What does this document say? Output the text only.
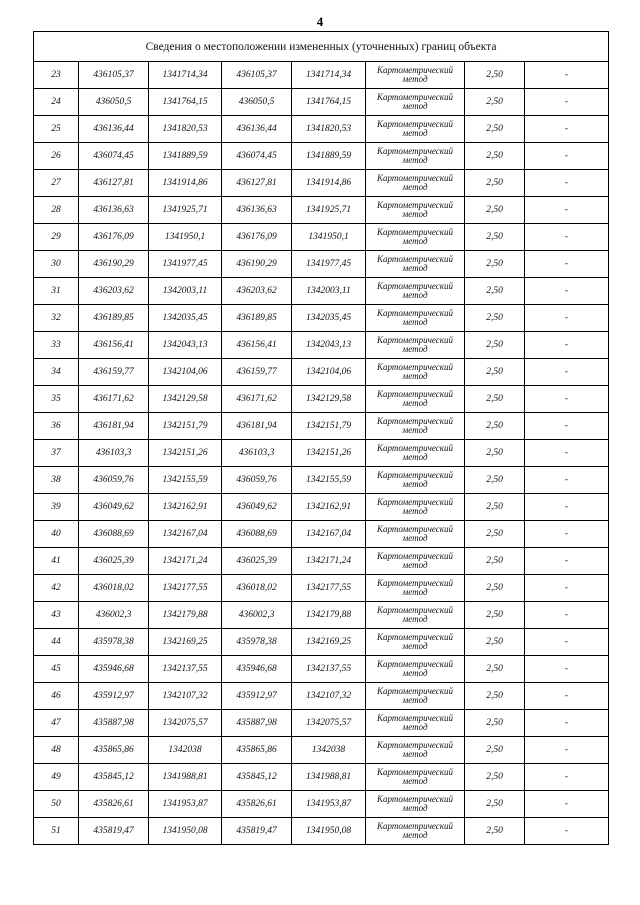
4
Сведения о местоположении измененных (уточненных) границ объекта							
23	436105,37	1341714,34	436105,37	1341714,34	Картометрический метод	2,50	-
24	436050,5	1341764,15	436050,5	1341764,15	Картометрический метод	2,50	-
25	436136,44	1341820,53	436136,44	1341820,53	Картометрический метод	2,50	-
26	436074,45	1341889,59	436074,45	1341889,59	Картометрический метод	2,50	-
27	436127,81	1341914,86	436127,81	1341914,86	Картометрический метод	2,50	-
28	436136,63	1341925,71	436136,63	1341925,71	Картометрический метод	2,50	-
29	436176,09	1341950,1	436176,09	1341950,1	Картометрический метод	2,50	-
30	436190,29	1341977,45	436190,29	1341977,45	Картометрический метод	2,50	-
31	436203,62	1342003,11	436203,62	1342003,11	Картометрический метод	2,50	-
32	436189,85	1342035,45	436189,85	1342035,45	Картометрический метод	2,50	-
33	436156,41	1342043,13	436156,41	1342043,13	Картометрический метод	2,50	-
34	436159,77	1342104,06	436159,77	1342104,06	Картометрический метод	2,50	-
35	436171,62	1342129,58	436171,62	1342129,58	Картометрический метод	2,50	-
36	436181,94	1342151,79	436181,94	1342151,79	Картометрический метод	2,50	-
37	436103,3	1342151,26	436103,3	1342151,26	Картометрический метод	2,50	-
38	436059,76	1342155,59	436059,76	1342155,59	Картометрический метод	2,50	-
39	436049,62	1342162,91	436049,62	1342162,91	Картометрический метод	2,50	-
40	436088,69	1342167,04	436088,69	1342167,04	Картометрический метод	2,50	-
41	436025,39	1342171,24	436025,39	1342171,24	Картометрический метод	2,50	-
42	436018,02	1342177,55	436018,02	1342177,55	Картометрический метод	2,50	-
43	436002,3	1342179,88	436002,3	1342179,88	Картометрический метод	2,50	-
44	435978,38	1342169,25	435978,38	1342169,25	Картометрический метод	2,50	-
45	435946,68	1342137,55	435946,68	1342137,55	Картометрический метод	2,50	-
46	435912,97	1342107,32	435912,97	1342107,32	Картометрический метод	2,50	-
47	435887,98	1342075,57	435887,98	1342075,57	Картометрический метод	2,50	-
48	435865,86	1342038	435865,86	1342038	Картометрический метод	2,50	-
49	435845,12	1341988,81	435845,12	1341988,81	Картометрический метод	2,50	-
50	435826,61	1341953,87	435826,61	1341953,87	Картометрический метод	2,50	-
51	435819,47	1341950,08	435819,47	1341950,08	Картометрический метод	2,50	-
